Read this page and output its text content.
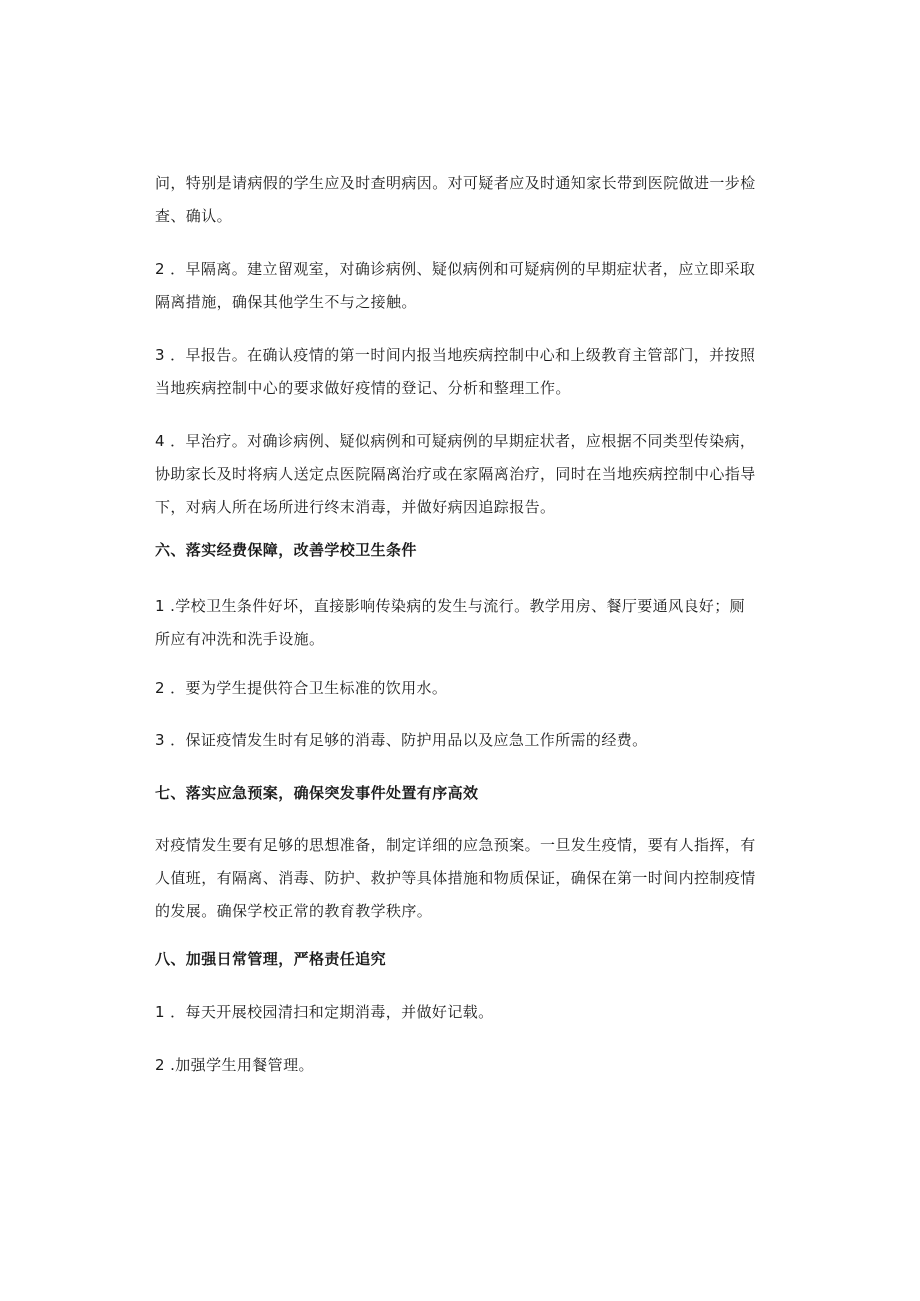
问，特别是请病假的学生应及时查明病因。对可疑者应及时通知家长带到医院做进一步检
查、确认。

2 ．早隔离。建立留观室，对确诊病例、疑似病例和可疑病例的早期症状者，应立即采取
隔离措施，确保其他学生不与之接触。

3 ．早报告。在确认疫情的第一时间内报当地疾病控制中心和上级教育主管部门，并按照
当地疾病控制中心的要求做好疫情的登记、分析和整理工作。

4 ．早治疗。对确诊病例、疑似病例和可疑病例的早期症状者，应根据不同类型传染病，
协助家长及时将病人送定点医院隔离治疗或在家隔离治疗，同时在当地疾病控制中心指导
下，对病人所在场所进行终末消毒，并做好病因追踪报告。

六、落实经费保障，改善学校卫生条件

1 .学校卫生条件好坏，直接影响传染病的发生与流行。教学用房、餐厅要通风良好；厕
所应有冲洗和洗手设施。

2 ．要为学生提供符合卫生标准的饮用水。

3 ．保证疫情发生时有足够的消毒、防护用品以及应急工作所需的经费。

七、落实应急预案，确保突发事件处置有序高效

对疫情发生要有足够的思想准备，制定详细的应急预案。一旦发生疫情，要有人指挥，有
人值班，有隔离、消毒、防护、救护等具体措施和物质保证，确保在第一时间内控制疫情
的发展。确保学校正常的教育教学秩序。

八、加强日常管理，严格责任追究

1 ．每天开展校园清扫和定期消毒，并做好记载。

2 .加强学生用餐管理。
